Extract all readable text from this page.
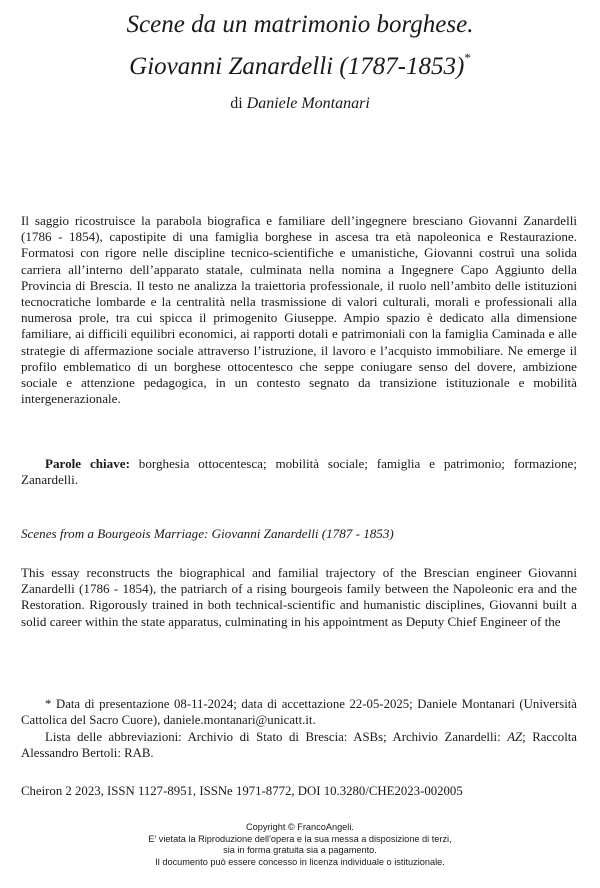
Scene da un matrimonio borghese.
Giovanni Zanardelli (1787-1853)*
di Daniele Montanari

Il saggio ricostruisce la parabola biografica e familiare dell’ingegnere bresciano Giovanni Zanardelli (1786 - 1854), capostipite di una famiglia borghese in ascesa tra età napoleonica e Restaurazione. Formatosi con rigore nelle discipline tecnico-scientifiche e umanistiche, Giovanni costruì una solida carriera all’interno dell’apparato statale, culminata nella nomina a Ingegnere Capo Aggiunto della Provincia di Brescia. Il testo ne analizza la traiettoria professionale, il ruolo nell’ambito delle istituzioni tecnocratiche lombarde e la centralità nella trasmissione di valori culturali, morali e professionali alla numerosa prole, tra cui spicca il primogenito Giuseppe. Ampio spazio è dedicato alla dimensione familiare, ai difficili equilibri economici, ai rapporti dotali e patrimoniali con la famiglia Caminada e alle strategie di affermazione sociale attraverso l’istruzione, il lavoro e l’acquisto immobiliare. Ne emerge il profilo emblematico di un borghese ottocentesco che seppe coniugare senso del dovere, ambizione sociale e attenzione pedagogica, in un contesto segnato da transizione istituzionale e mobilità intergenerazionale.

Parole chiave: borghesia ottocentesca; mobilità sociale; famiglia e patrimonio; formazione; Zanardelli.

Scenes from a Bourgeois Marriage: Giovanni Zanardelli (1787 - 1853)

This essay reconstructs the biographical and familial trajectory of the Brescian engineer Giovanni Zanardelli (1786 - 1854), the patriarch of a rising bourgeois family between the Napoleonic era and the Restoration. Rigorously trained in both technical-scientific and humanistic disciplines, Giovanni built a solid career within the state apparatus, culminating in his appointment as Deputy Chief Engineer of the

* Data di presentazione 08-11-2024; data di accettazione 22-05-2025; Daniele Montanari (Università Cattolica del Sacro Cuore), daniele.montanari@unicatt.it.

Lista delle abbreviazioni: Archivio di Stato di Brescia: ASBs; Archivio Zanardelli: AZ; Raccolta Alessandro Bertoli: RAB.

Cheiron 2 2023, ISSN 1127-8951, ISSNe 1971-8772, DOI 10.3280/CHE2023-002005
Copyright © FrancoAngeli.
E' vietata la Riproduzione dell'opera e la sua messa a disposizione di terzi,
sia in forma gratuita sia a pagamento.
Il documento può essere concesso in licenza individuale o istituzionale.
